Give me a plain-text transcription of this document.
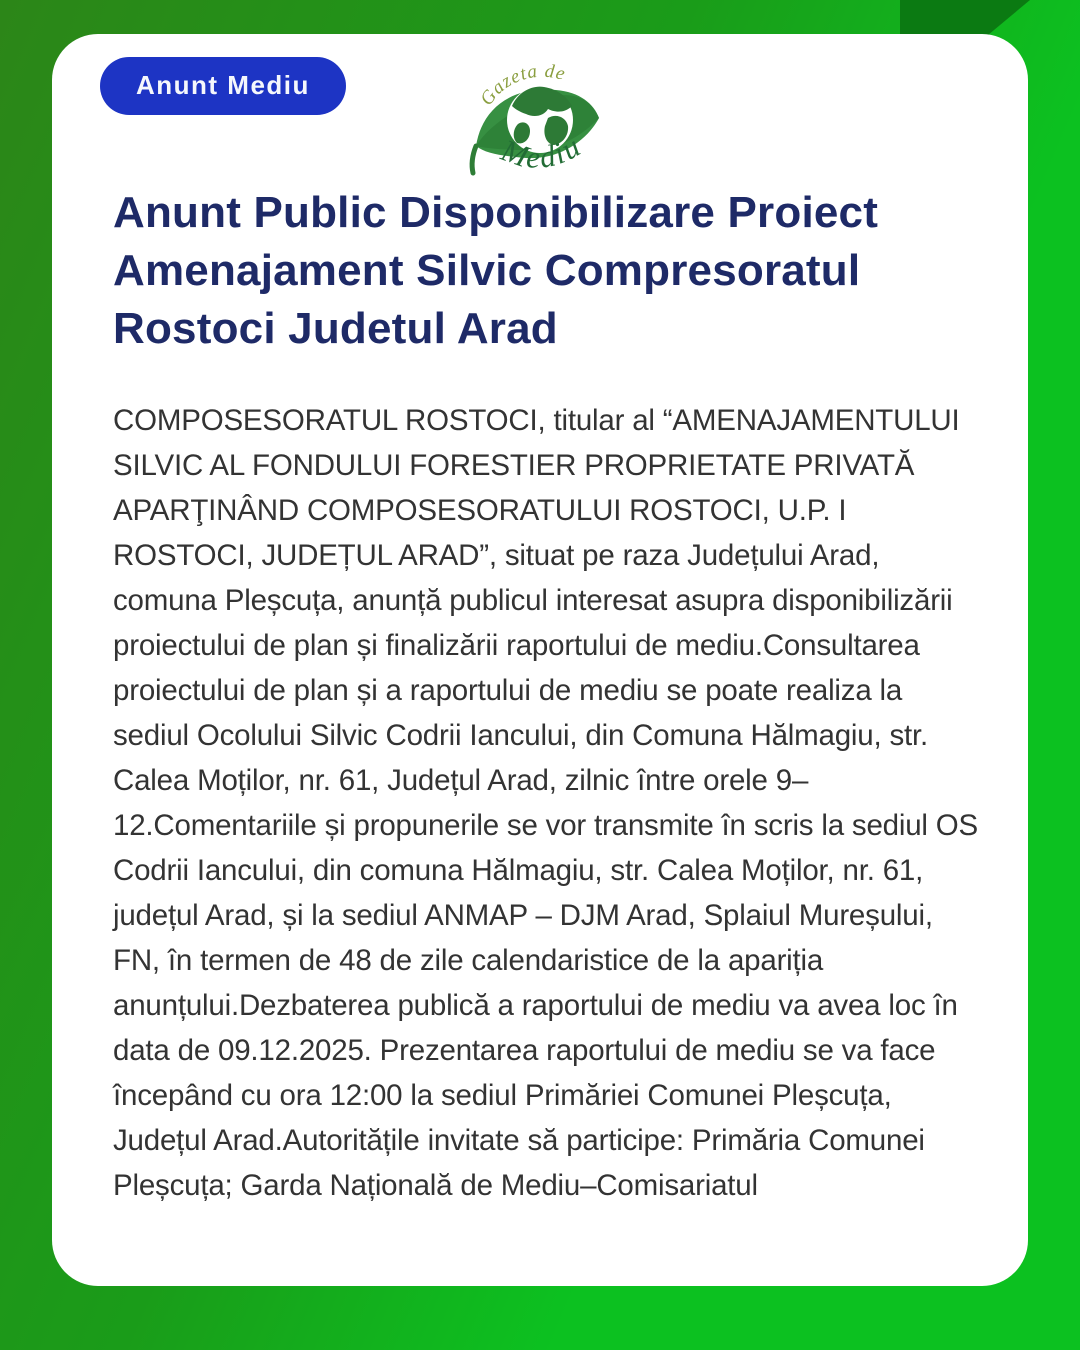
Anunt Mediu	Gazeta de
Mediu
Anunt Public Disponibilizare Proiect Amenajament Silvic Compresoratul Rostoci Judetul Arad

COMPOSESORATUL ROSTOCI, titular al “AMENAJAMENTULUI SILVIC AL FONDULUI FORESTIER PROPRIETATE PRIVATĂ APARŢINÂND COMPOSESORATULUI ROSTOCI, U.P. I ROSTOCI, JUDEȚUL ARAD”, situat pe raza Județului Arad, comuna Pleșcuța, anunță publicul interesat asupra disponibilizării proiectului de plan și finalizării raportului de mediu.Consultarea proiectului de plan și a raportului de mediu se poate realiza la sediul Ocolului Silvic Codrii Iancului, din Comuna Hălmagiu, str. Calea Moților, nr. 61, Județul Arad, zilnic între orele 9–12.Comentariile și propunerile se vor transmite în scris la sediul OS Codrii Iancului, din comuna Hălmagiu, str. Calea Moților, nr. 61, județul Arad, și la sediul ANMAP – DJM Arad, Splaiul Mureșului, FN, în termen de 48 de zile calendaristice de la apariția anunțului.Dezbaterea publică a raportului de mediu va avea loc în data de 09.12.2025. Prezentarea raportului de mediu se va face începând cu ora 12:00 la sediul Primăriei Comunei Pleșcuța, Județul Arad.Autoritățile invitate să participe: Primăria Comunei Pleșcuța; Garda Națională de Mediu–Comisariatul
